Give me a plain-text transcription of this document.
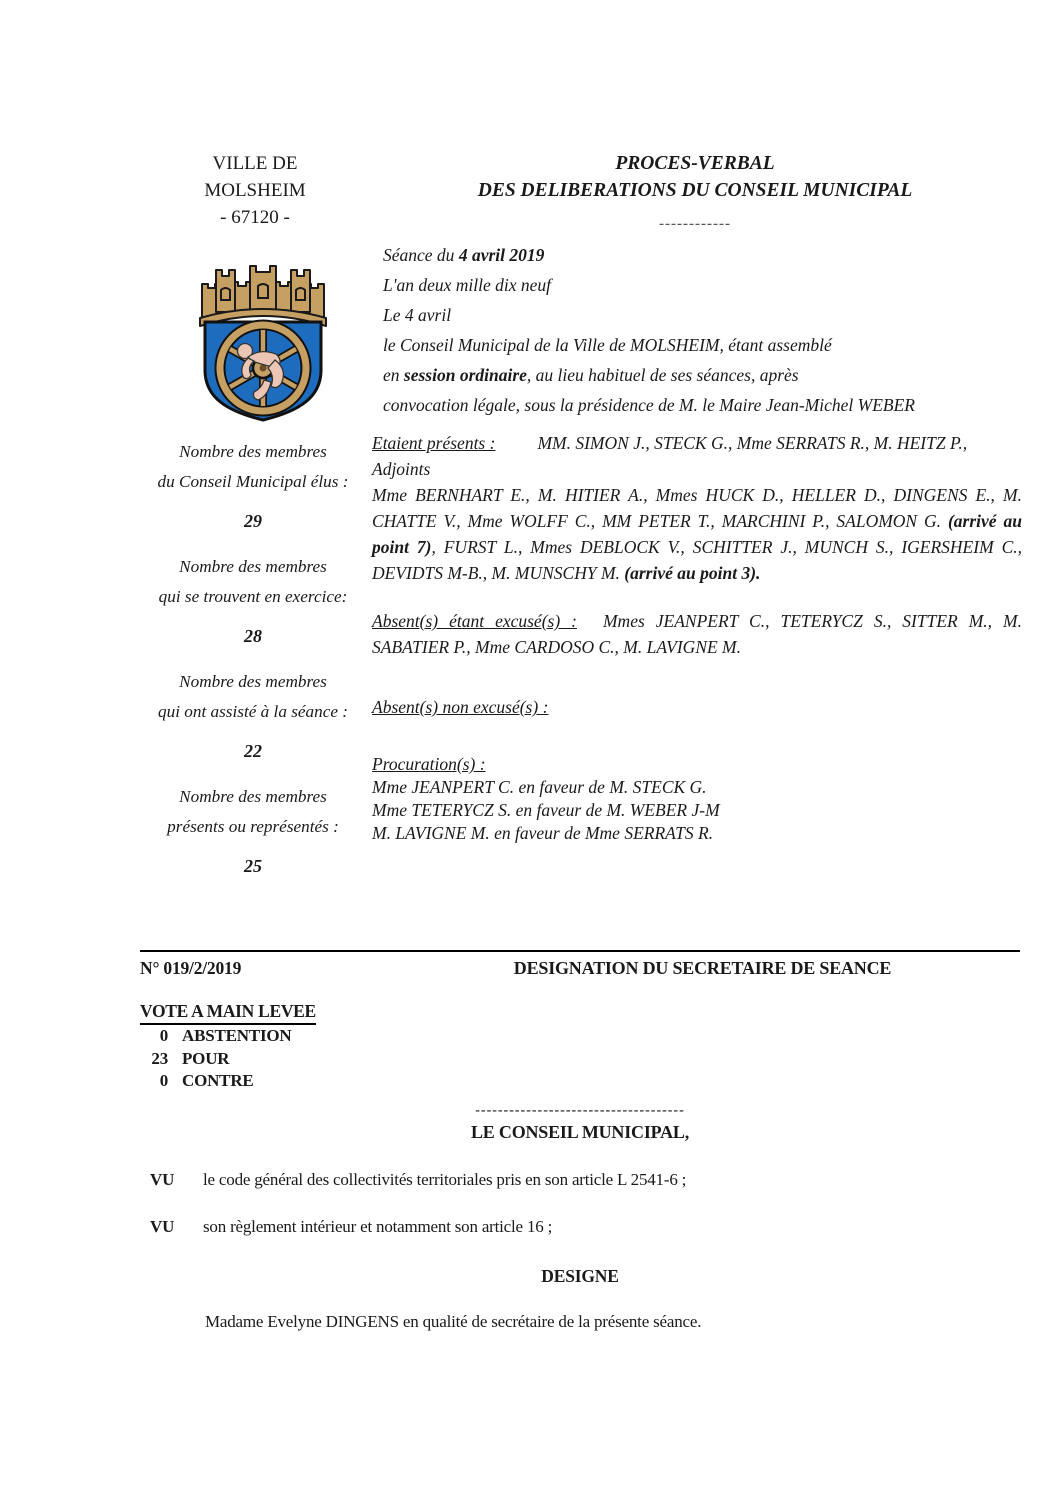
VILLE DE
MOLSHEIM
- 67120 -
PROCES-VERBAL
DES DELIBERATIONS DU CONSEIL MUNICIPAL
------------
Séance du 4 avril 2019
L'an deux mille dix neuf
Le 4 avril
le Conseil Municipal de la Ville de MOLSHEIM, étant assemblé
en session ordinaire, au lieu habituel de ses séances, après
convocation légale, sous la présidence de M. le Maire Jean-Michel WEBER
Nombre des membres
du Conseil Municipal élus :
29
Nombre des membres
qui se trouvent en exercice:
28
Nombre des membres
qui ont assisté à la séance :
22
Nombre des membres
présents ou représentés :
25

Etaient présents : MM. SIMON J., STECK G., Mme SERRATS R., M. HEITZ P.,
Adjoints
Mme BERNHART E., M. HITIER A., Mmes HUCK D., HELLER D., DINGENS E., M. CHATTE V., Mme WOLFF C., MM PETER T., MARCHINI P., SALOMON G. (arrivé au point 7), FURST L., Mmes DEBLOCK V., SCHITTER J., MUNCH S., IGERSHEIM C., DEVIDTS M-B., M. MUNSCHY M. (arrivé au point 3).

Absent(s) étant excusé(s) : Mmes JEANPERT C., TETERYCZ S., SITTER M., M. SABATIER P., Mme CARDOSO C., M. LAVIGNE M.

Absent(s) non excusé(s) :

Procuration(s) :
Mme JEANPERT C. en faveur de M. STECK G.
Mme TETERYCZ S. en faveur de M. WEBER J-M
M. LAVIGNE M. en faveur de Mme SERRATS R.
N° 019/2/2019	DESIGNATION DU SECRETAIRE DE SEANCE
VOTE A MAIN LEVEE
0 ABSTENTION
23 POUR
0 CONTRE
-------------------------------------
LE CONSEIL MUNICIPAL,
VU	le code général des collectivités territoriales pris en son article L 2541-6 ;
VU	son règlement intérieur et notamment son article 16 ;
DESIGNE
Madame Evelyne DINGENS en qualité de secrétaire de la présente séance.
